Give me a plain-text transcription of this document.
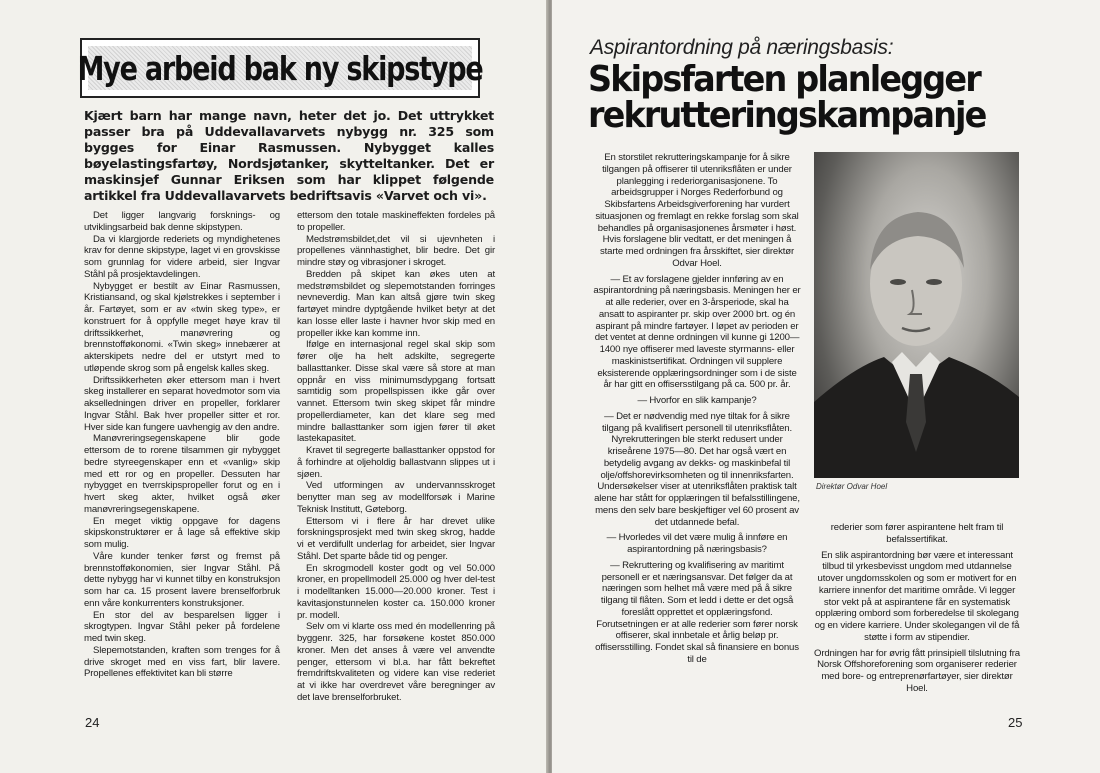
Mye arbeid bak ny skipstype

Kjært barn har mange navn, heter det jo. Det uttrykket passer bra på Uddevallavarvets nybygg nr. 325 som bygges for Einar Rasmussen. Nybygget kalles bøyelastingsfartøy, Nordsjøtanker, skytteltanker. Det er maskinsjef Gunnar Eriksen som har klippet følgende artikkel fra Uddevallavarvets bedriftsavis «Varvet och vi».

Det ligger langvarig forsknings- og utviklingsarbeid bak denne skipstypen.

Da vi klargjorde rederiets og myndighetenes krav for denne skipstype, laget vi en grovskisse som grunnlag for videre arbeid, sier Ingvar Ståhl på prosjektavdelingen.

Nybygget er bestilt av Einar Rasmussen, Kristiansand, og skal kjølstrekkes i september i år. Fartøyet, som er av «twin skeg type», er konstruert for å oppfylle meget høye krav til driftssikkerhet, manøvrering og brennstofføkonomi. «Twin skeg» innebærer at akterskipets nedre del er utstyrt med to utløpende skrog som på engelsk kalles skeg.

Driftssikkerheten øker ettersom man i hvert skeg installerer en separat hovedmotor som via akselledningen driver en propeller, forklarer Ingvar Ståhl. Bak hver propeller sitter et ror. Hver side kan fungere uavhengig av den andre.

Manøvreringsegenskapene blir gode ettersom de to rorene tilsammen gir nybygget bedre styreegenskaper enn et «vanlig» skip med ett ror og en propeller. Dessuten har nybygget en tverrskipspropeller forut og en i hvert skeg akter, hvilket også øker manøvreringsegenskapene.

En meget viktig oppgave for dagens skipskonstruktører er å lage så effektive skip som mulig.

Våre kunder tenker først og fremst på brennstofføkonomien, sier Ingvar Ståhl. På dette nybygg har vi kunnet tilby en konstruksjon som har ca. 15 prosent lavere brenselforbruk enn våre konkurrenters konstruksjoner.

En stor del av besparelsen ligger i skrogtypen. Ingvar Ståhl peker på fordelene med twin skeg.

Slepemotstanden, kraften som trenges for å drive skroget med en viss fart, blir lavere. Propellenes effektivitet kan bli større

ettersom den totale maskineffekten fordeles på to propeller.

Medstrømsbildet,det vil si ujevnheten i propellenes vännhastighet, blir bedre. Det gir mindre støy og vibrasjoner i skroget.

Bredden på skipet kan økes uten at medstrømsbildet og slepemotstanden forringes nevneverdig. Man kan altså gjøre twin skeg fartøyet mindre dyptgående hvilket betyr at det kan losse eller laste i havner hvor skip med en propeller ikke kan komme inn.

Ifølge en internasjonal regel skal skip som fører olje ha helt adskilte, segregerte ballasttanker. Disse skal være så store at man oppnår en viss minimumsdypgang fortsatt samtidig som propellspissen ikke går over vannet. Ettersom twin skeg skipet får mindre propellerdiameter, kan det klare seg med mindre ballasttanker som igjen fører til øket lastekapasitet.

Kravet til segregerte ballasttanker oppstod for å forhindre at oljeholdig ballastvann slippes ut i sjøen.

Ved utformingen av undervannsskroget benytter man seg av modellforsøk i Marine Teknisk Institutt, Gøteborg.

Ettersom vi i flere år har drevet ulike forskningsprosjekt med twin skeg skrog, hadde vi et verdifullt underlag for arbeidet, sier Ingvar Ståhl. Det sparte både tid og penger.

En skrogmodell koster godt og vel 50.000 kroner, en propellmodell 25.000 og hver del-test i modelltanken 15.000—20.000 kroner. Test i kavitasjonstunnelen koster ca. 150.000 kroner pr. modell.

Selv om vi klarte oss med én modellenring på byggenr. 325, har forsøkene kostet 850.000 kroner. Men det anses å være vel anvendte penger, ettersom vi bl.a. har fått bekreftet fremdriftskvaliteten og videre kan vise rederiet at vi ikke har overdrevet våre beregninger av det lave brenselforbruket.

24
Aspirantordning på næringsbasis:
Skipsfarten planlegger
rekrutteringskampanje

En storstilet rekrutteringskampanje for å sikre tilgangen på offiserer til utenriksflåten er under planlegging i rederiorganisasjonene. To arbeidsgrupper i Norges Rederforbund og Skibsfartens Arbeidsgiverforening har vurdert situasjonen og fremlagt en rekke forslag som skal behandles på organisasjonenes årsmøter i høst. Hvis forslagene blir vedtatt, er det meningen å starte med ordningen fra årsskiftet, sier direktør Odvar Hoel.

— Et av forslagene gjelder innføring av en aspirantordning på næringsbasis. Meningen her er at alle rederier, over en 3-årsperiode, skal ha ansatt to aspiranter pr. skip over 2000 brt. og én aspirant på mindre fartøyer. I løpet av perioden er det ventet at denne ordningen vil kunne gi 1200—1400 nye offiserer med laveste styrmanns- eller maskinistsertifikat. Ordningen vil supplere eksisterende opplæringsordninger som i de siste år har gitt en offisersstilgang på ca. 500 pr. år.

— Hvorfor en slik kampanje?

— Det er nødvendig med nye tiltak for å sikre tilgang på kvalifisert personell til utenriksflåten. Nyrekrutteringen ble sterkt redusert under kriseårene 1975—80. Det har også vært en betydelig avgang av dekks- og maskinbefal til olje/offshorevirksomheten og til innenriksfarten. Undersøkelser viser at utenriksflåten praktisk talt alene har stått for opplæringen til befalsstillingene, mens den selv bare beskjeftiger vel 60 prosent av det utdannede befal.

— Hvorledes vil det være mulig å innføre en aspirantordning på næringsbasis?

— Rekruttering og kvalifisering av maritimt personell er et næringsansvar. Det følger da at næringen som helhet må være med på å sikre tilgang til flåten. Som et ledd i dette er det også foreslått opprettet et opplæringsfond. Forutsetningen er at alle rederier som fører norsk offiserer, skal innbetale et årlig beløp pr. offisersstilling. Fondet skal så finansiere en bonus til de

Direktør Odvar Hoel

rederier som fører aspirantene helt fram til befalssertifikat.

En slik aspirantordning bør være et interessant tilbud til yrkesbevisst ungdom med utdannelse utover ungdomsskolen og som er motivert for en karriere innenfor det maritime område. Vi legger stor vekt på at aspirantene får en systematisk opplæring ombord som forberedelse til skolegang og en videre karriere. Under skolegangen vil de få støtte i form av stipendier.

Ordningen har for øvrig fått prinsipiell tilslutning fra Norsk Offshoreforening som organiserer rederier med bore- og entreprenørfartøyer, sier direktør Hoel.

25
